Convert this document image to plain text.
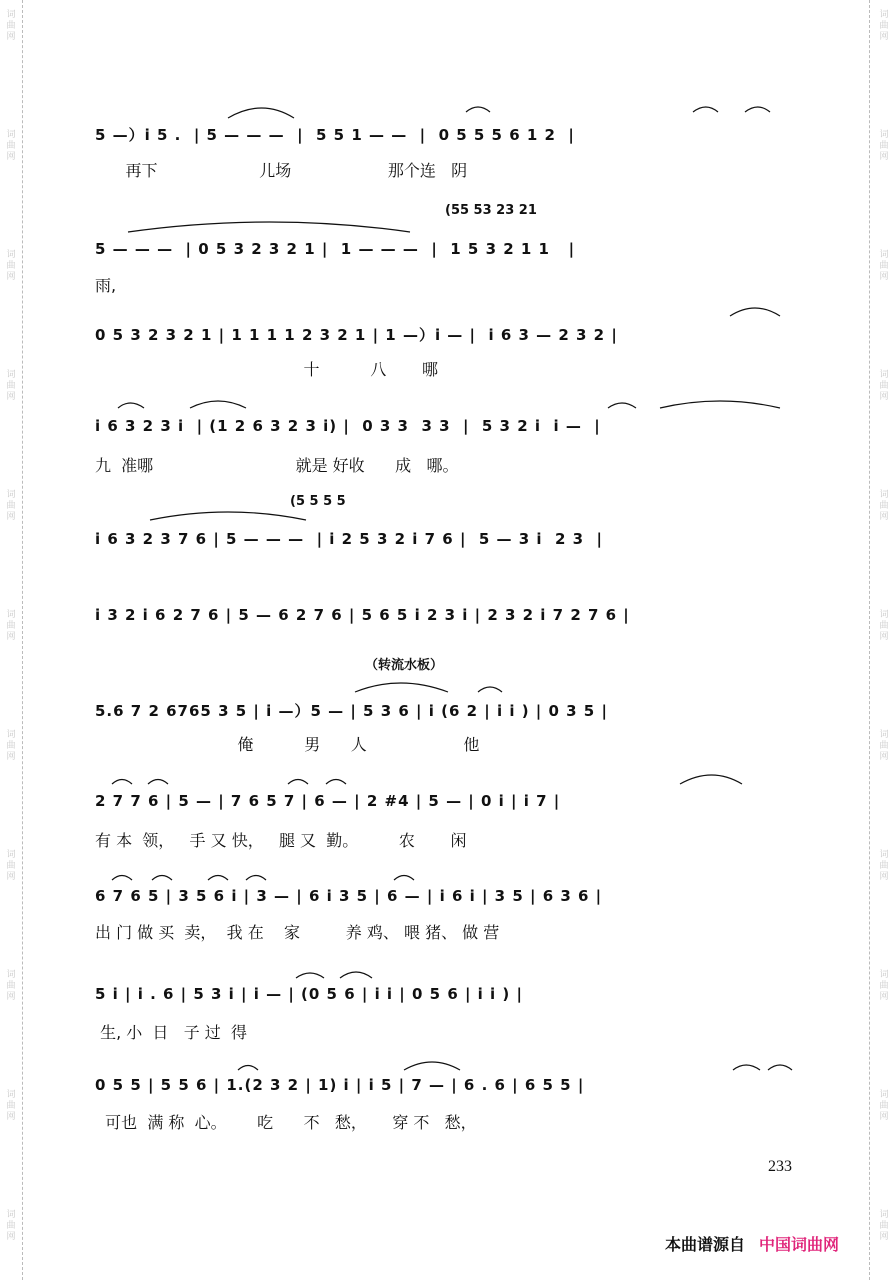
词曲网
词曲网
词曲网
词曲网
词曲网
词曲网
词曲网
词曲网
词曲网
词曲网
词曲网
词曲网
词曲网
词曲网
词曲网
词曲网
词曲网
词曲网
词曲网
词曲网
词曲网
词曲网
(55 53 23 21
(5 5 5 5
（转流水板）
5 —）i 5 .  | 5 — — —  |  5 5 1 — —  |  0 5 5 5 6 1 2  |
再下                    儿场                   那个连   阴
5 — — —  | 0 5 3 2 3 2 1 |  1 — — —  |  1 5 3 2 1 1   |
雨,
0 5 3 2 3 2 1 | 1 1 1 1 2 3 2 1 | 1 —）i — |  i 6 3 — 2 3 2 |
十          八       哪
i 6 3 2 3 i  | (1 2 6 3 2 3 i) |  0 3 3  3 3  |  5 3 2 i  i —  |
九  准哪                            就是 好收      成   哪。
i 6 3 2 3 7 6 | 5 — — —  | i 2 5 3 2 i 7 6 |  5 — 3 i  2 3  |
i 3 2 i 6 2 7 6 | 5 — 6 2 7 6 | 5 6 5 i 2 3 i | 2 3 2 i 7 2 7 6 |
5.6 7 2 6765 3 5 | i —）5 — | 5 3 6 | i (6 2 | i i ) | 0 3 5 |
俺          男      人                   他
2 7 7 6 | 5 — | 7 6 5 7 | 6 — | 2 #4 | 5 — | 0 i | i 7 |
有 本  领，   手 又 快，   腿 又  勤。        农       闲
6 7 6 5 | 3 5 6 i | 3 — | 6 i 3 5 | 6 — | i 6 i | 3 5 | 6 3 6 |
出 门 做 买  卖，  我 在    家         养 鸡、 喂 猪、 做 营
5 i | i . 6 | 5 3 i | i — | (0 5 6 | i i | 0 5 6 | i i ) |
生, 小  日   子 过  得
0 5 5 | 5 5 6 | 1.(2 3 2 | 1) i | i 5 | 7 — | 6 . 6 | 6 5 5 |
可也  满 称  心。      吃      不   愁，     穿 不   愁，
233
本曲谱源自 中国词曲网
